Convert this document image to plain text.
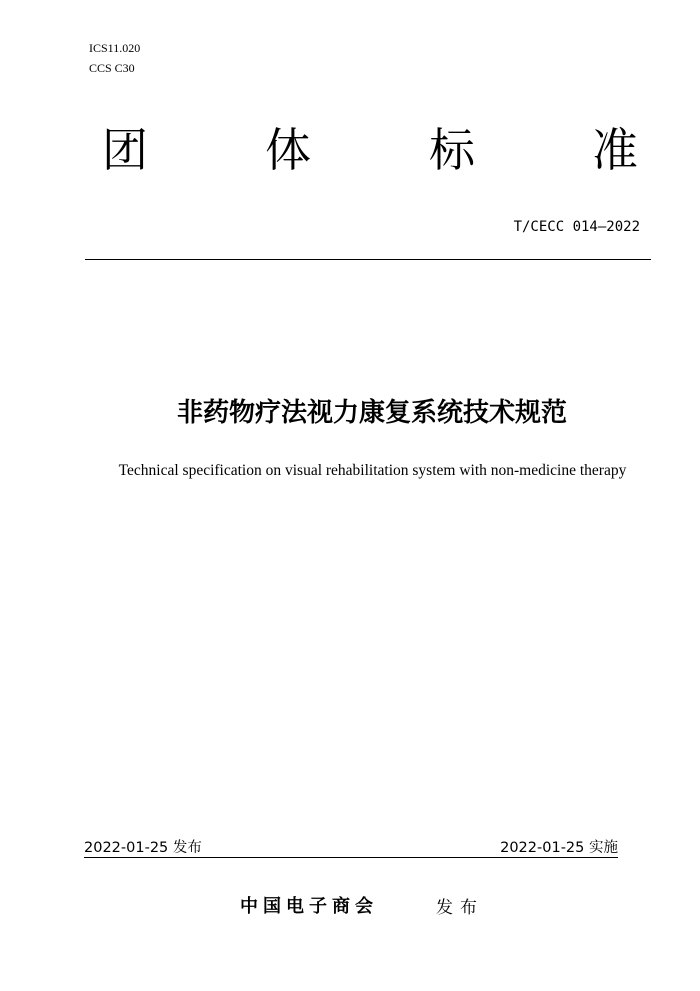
ICS11.020
CCS C30
团	体	标	准
T/CECC 014—2022
非药物疗法视力康复系统技术规范
Technical specification on visual rehabilitation system with non-medicine therapy
2022-01-25 发布	2022-01-25 实施
中国电子商会	发布
